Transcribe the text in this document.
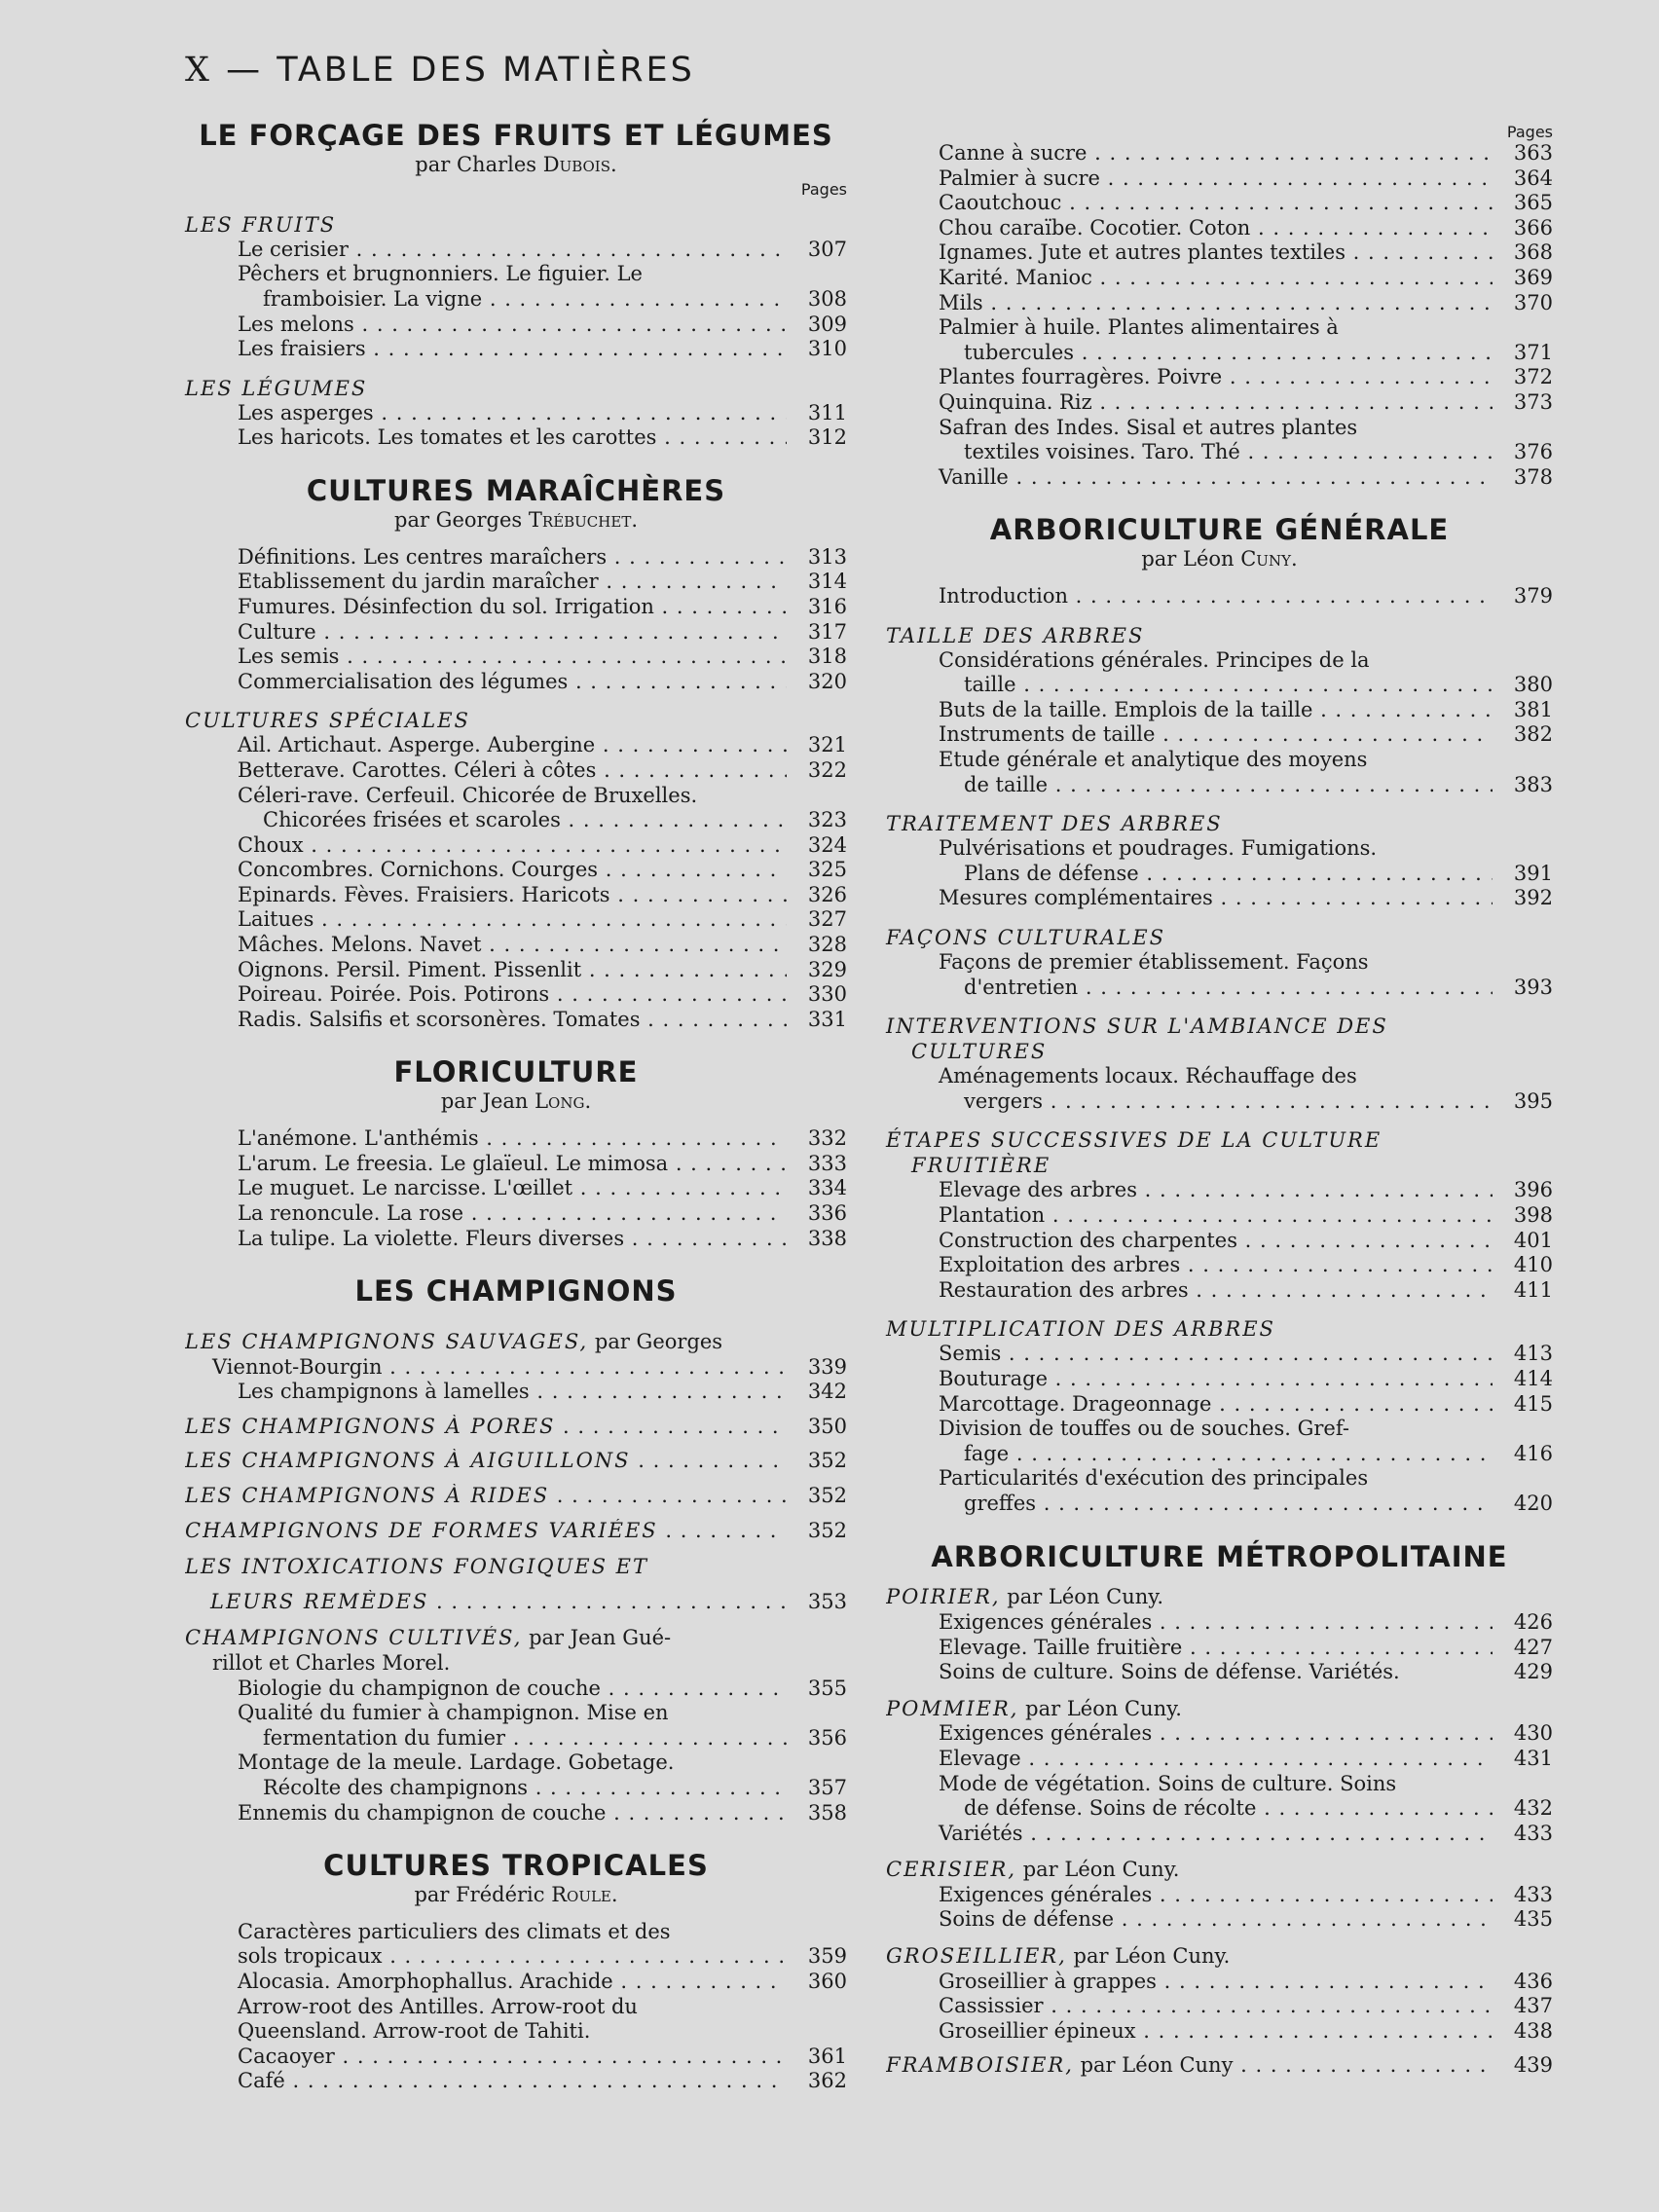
X — TABLE DES MATIÈRES
LE FORÇAGE DES FRUITS ET LÉGUMES
par Charles Dubois.
Pages
LES FRUITS
Le cerisier . . .	307
Pêchers et brugnonniers. Le figuier. Le
framboisier. La vigne . . .	308
Les melons . . .	309
Les fraisiers . . .	310
LES LÉGUMES
Les asperges . . .	311
Les haricots. Les tomates et les carottes . . .	312
CULTURES MARAÎCHÈRES
par Georges Trébuchet.
Définitions. Les centres maraîchers . . .	313
Etablissement du jardin maraîcher . . .	314
Fumures. Désinfection du sol. Irrigation . . .	316
Culture . . .	317
Les semis . . .	318
Commercialisation des légumes . . .	320
CULTURES SPÉCIALES
Ail. Artichaut. Asperge. Aubergine . . .	321
Betterave. Carottes. Céleri à côtes . . .	322
Céleri-rave. Cerfeuil. Chicorée de Bruxelles.
Chicorées frisées et scaroles . . .	323
Choux . . .	324
Concombres. Cornichons. Courges . . .	325
Epinards. Fèves. Fraisiers. Haricots . . .	326
Laitues . . .	327
Mâches. Melons. Navet . . .	328
Oignons. Persil. Piment. Pissenlit . . .	329
Poireau. Poirée. Pois. Potirons . . .	330
Radis. Salsifis et scorsonères. Tomates . . .	331
FLORICULTURE
par Jean Long.
L'anémone. L'anthémis . . .	332
L'arum. Le freesia. Le glaïeul. Le mimosa . . .	333
Le muguet. Le narcisse. L'œillet . . .	334
La renoncule. La rose . . .	336
La tulipe. La violette. Fleurs diverses . . .	338
LES CHAMPIGNONS
LES CHAMPIGNONS SAUVAGES, par Georges
Viennot-Bourgin . . .	339
Les champignons à lamelles . . .	342
LES CHAMPIGNONS À PORES . . .	350
LES CHAMPIGNONS À AIGUILLONS . . .	352
LES CHAMPIGNONS À RIDES . . .	352
CHAMPIGNONS DE FORMES VARIÉES . . .	352
LES INTOXICATIONS FONGIQUES ET
LEURS REMÈDES . . .	353
CHAMPIGNONS CULTIVÉS, par Jean Gué-
rillot et Charles Morel.
Biologie du champignon de couche . . .	355
Qualité du fumier à champignon. Mise en
fermentation du fumier . . .	356
Montage de la meule. Lardage. Gobetage.
Récolte des champignons . . .	357
Ennemis du champignon de couche . . .	358
CULTURES TROPICALES
par Frédéric Roule.
Caractères particuliers des climats et des
sols tropicaux . . .	359
Alocasia. Amorphophallus. Arachide . . .	360
Arrow-root des Antilles. Arrow-root du
Queensland. Arrow-root de Tahiti.
Cacaoyer . . .	361
Café . . .	362
Pages
Canne à sucre . . .	363
Palmier à sucre . . .	364
Caoutchouc . . .	365
Chou caraïbe. Cocotier. Coton . . .	366
Ignames. Jute et autres plantes textiles . . .	368
Karité. Manioc . . .	369
Mils . . .	370
Palmier à huile. Plantes alimentaires à
tubercules . . .	371
Plantes fourragères. Poivre . . .	372
Quinquina. Riz . . .	373
Safran des Indes. Sisal et autres plantes
textiles voisines. Taro. Thé . . .	376
Vanille . . .	378
ARBORICULTURE GÉNÉRALE
par Léon Cuny.
Introduction . . .	379
TAILLE DES ARBRES
Considérations générales. Principes de la
taille . . .	380
Buts de la taille. Emplois de la taille . . .	381
Instruments de taille . . .	382
Etude générale et analytique des moyens
de taille . . .	383
TRAITEMENT DES ARBRES
Pulvérisations et poudrages. Fumigations.
Plans de défense . . .	391
Mesures complémentaires . . .	392
FAÇONS CULTURALES
Façons de premier établissement. Façons
d'entretien . . .	393
INTERVENTIONS SUR L'AMBIANCE DES
CULTURES
Aménagements locaux. Réchauffage des
vergers . . .	395
ÉTAPES SUCCESSIVES DE LA CULTURE
FRUITIÈRE
Elevage des arbres . . .	396
Plantation . . .	398
Construction des charpentes . . .	401
Exploitation des arbres . . .	410
Restauration des arbres . . .	411
MULTIPLICATION DES ARBRES
Semis . . .	413
Bouturage . . .	414
Marcottage. Drageonnage . . .	415
Division de touffes ou de souches. Gref-
fage . . .	416
Particularités d'exécution des principales
greffes . . .	420
ARBORICULTURE MÉTROPOLITAINE
POIRIER, par Léon Cuny.
Exigences générales . . .	426
Elevage. Taille fruitière . . .	427
Soins de culture. Soins de défense. Variétés.	429
POMMIER, par Léon Cuny.
Exigences générales . . .	430
Elevage . . .	431
Mode de végétation. Soins de culture. Soins
de défense. Soins de récolte . . .	432
Variétés . . .	433
CERISIER, par Léon Cuny.
Exigences générales . . .	433
Soins de défense . . .	435
GROSEILLIER, par Léon Cuny.
Groseillier à grappes . . .	436
Cassissier . . .	437
Groseillier épineux . . .	438
FRAMBOISIER, par Léon Cuny . . .	439
